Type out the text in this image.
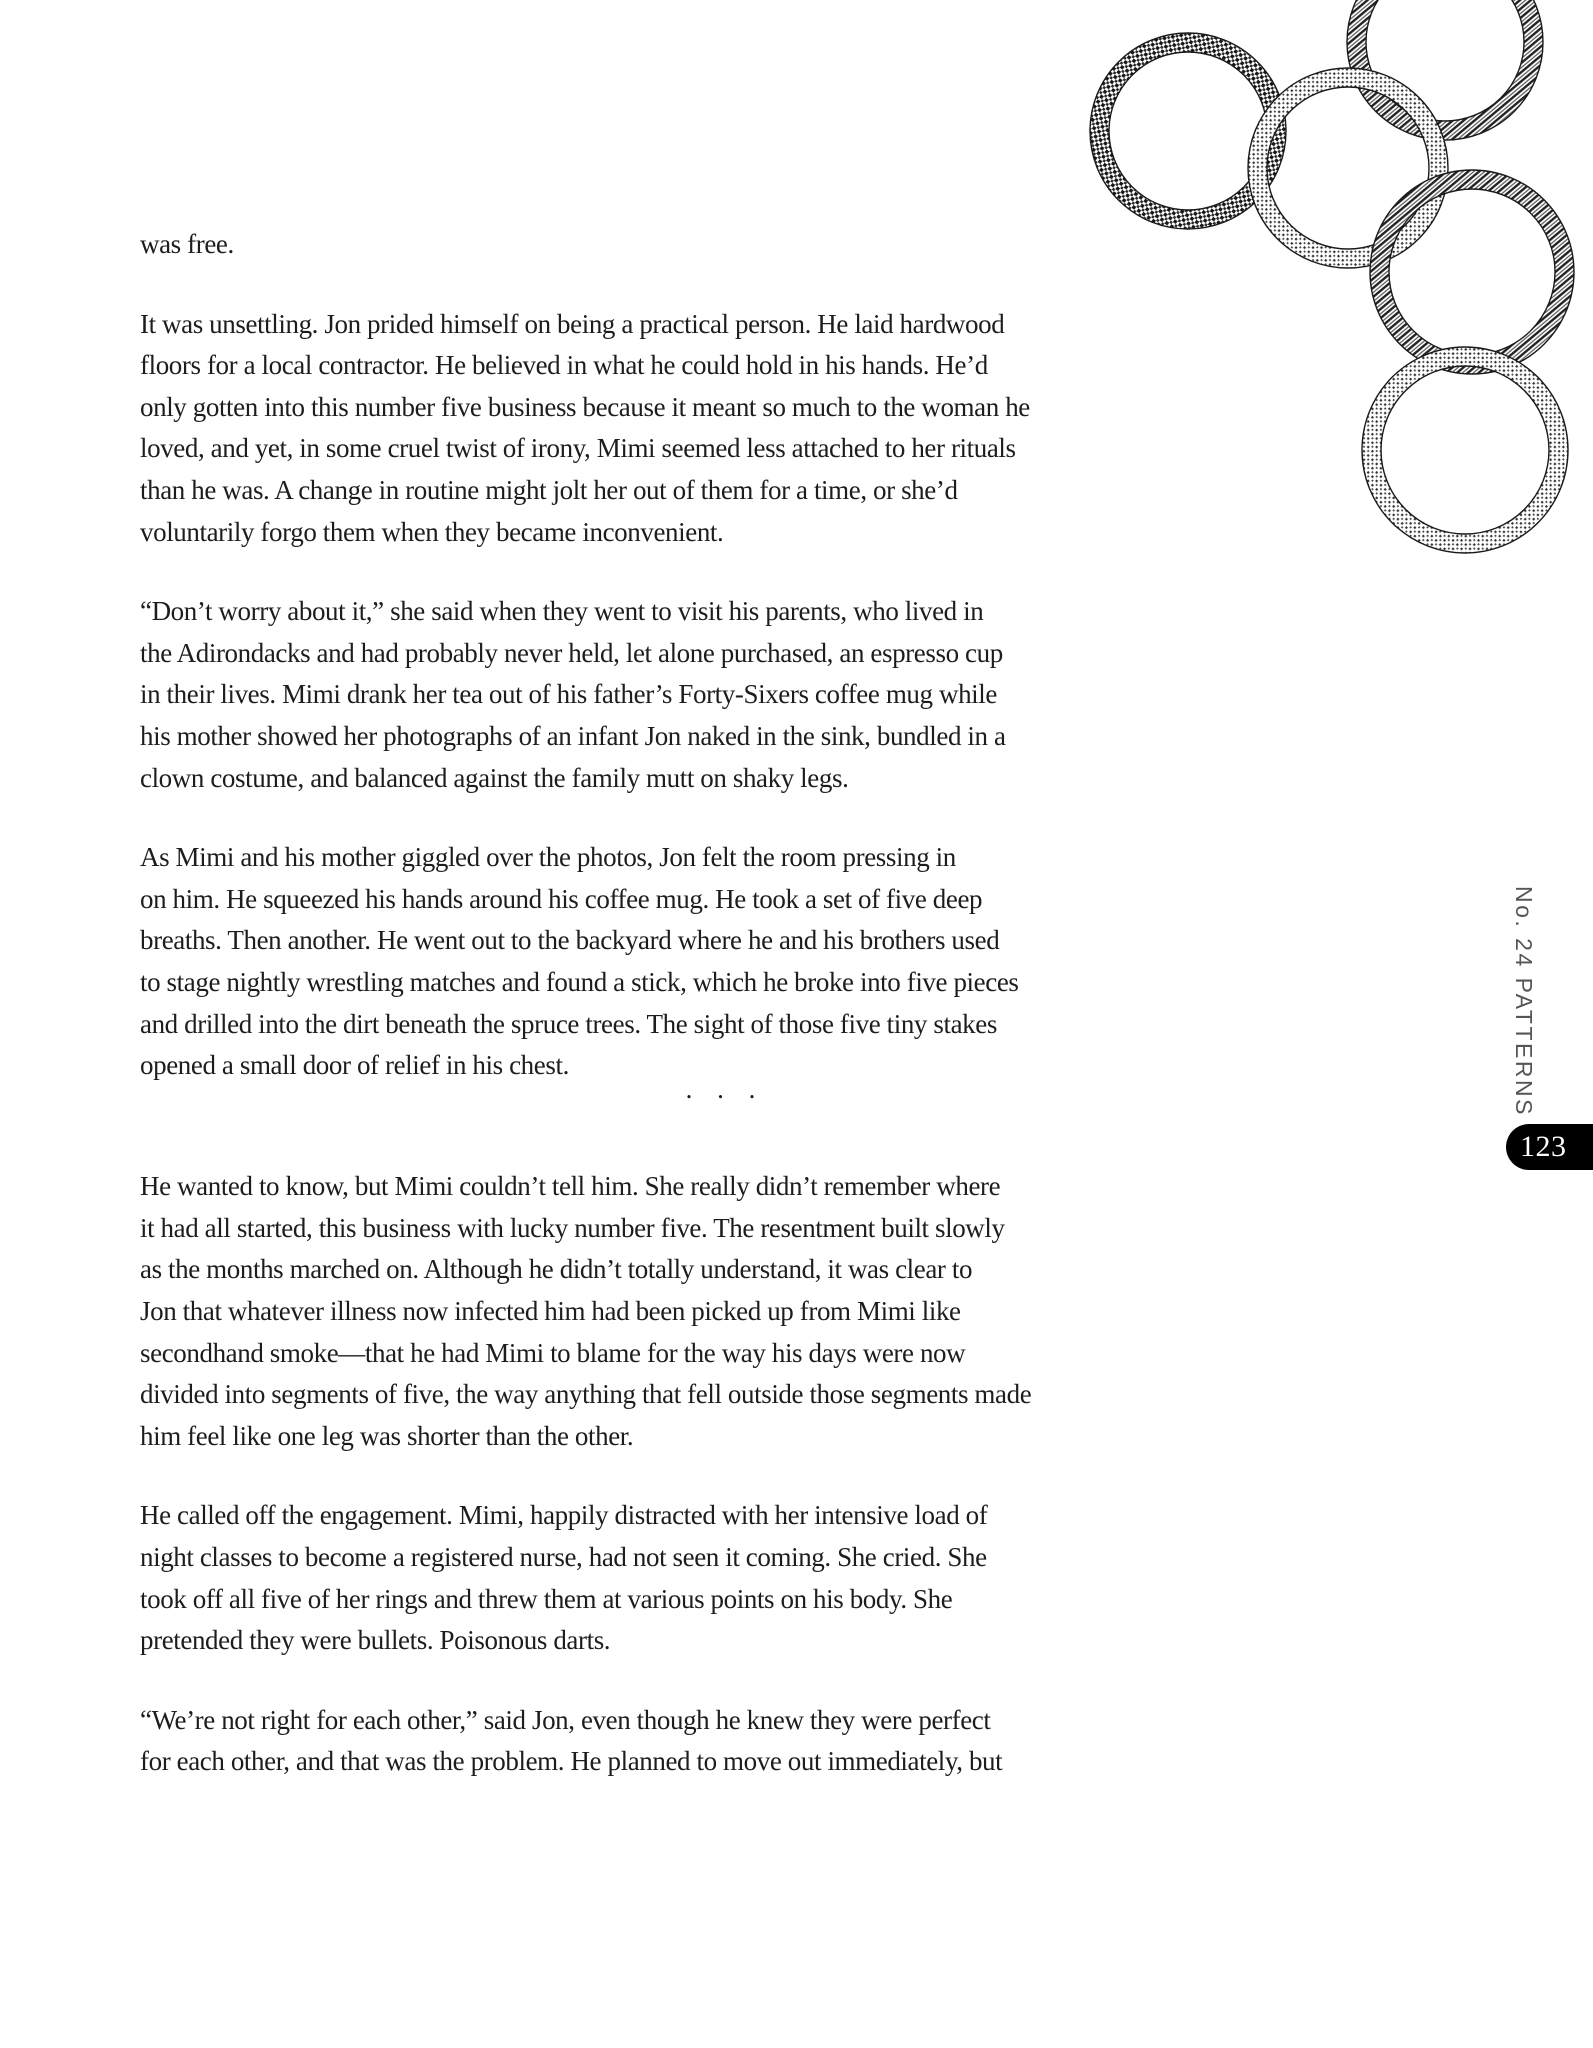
was free.
It was unsettling. Jon prided himself on being a practical person. He laid hardwood
floors for a local contractor. He believed in what he could hold in his hands. He’d
only gotten into this number five business because it meant so much to the woman he
loved, and yet, in some cruel twist of irony, Mimi seemed less attached to her rituals
than he was. A change in routine might jolt her out of them for a time, or she’d
voluntarily forgo them when they became inconvenient.
“Don’t worry about it,” she said when they went to visit his parents, who lived in
the Adirondacks and had probably never held, let alone purchased, an espresso cup
in their lives. Mimi drank her tea out of his father’s Forty-Sixers coffee mug while
his mother showed her photographs of an infant Jon naked in the sink, bundled in a
clown costume, and balanced against the family mutt on shaky legs.
As Mimi and his mother giggled over the photos, Jon felt the room pressing in
on him. He squeezed his hands around his coffee mug. He took a set of five deep
breaths. Then another. He went out to the backyard where he and his brothers used
to stage nightly wrestling matches and found a stick, which he broke into five pieces
and drilled into the dirt beneath the spruce trees. The sight of those five tiny stakes
opened a small door of relief in his chest.
. . .
He wanted to know, but Mimi couldn’t tell him. She really didn’t remember where
it had all started, this business with lucky number five. The resentment built slowly
as the months marched on. Although he didn’t totally understand, it was clear to
Jon that whatever illness now infected him had been picked up from Mimi like
secondhand smoke—that he had Mimi to blame for the way his days were now
divided into segments of five, the way anything that fell outside those segments made
him feel like one leg was shorter than the other.
He called off the engagement. Mimi, happily distracted with her intensive load of
night classes to become a registered nurse, had not seen it coming. She cried. She
took off all five of her rings and threw them at various points on his body. She
pretended they were bullets. Poisonous darts.
“We’re not right for each other,” said Jon, even though he knew they were perfect
for each other, and that was the problem. He planned to move out immediately, but
No. 24 PATTERNS
123
